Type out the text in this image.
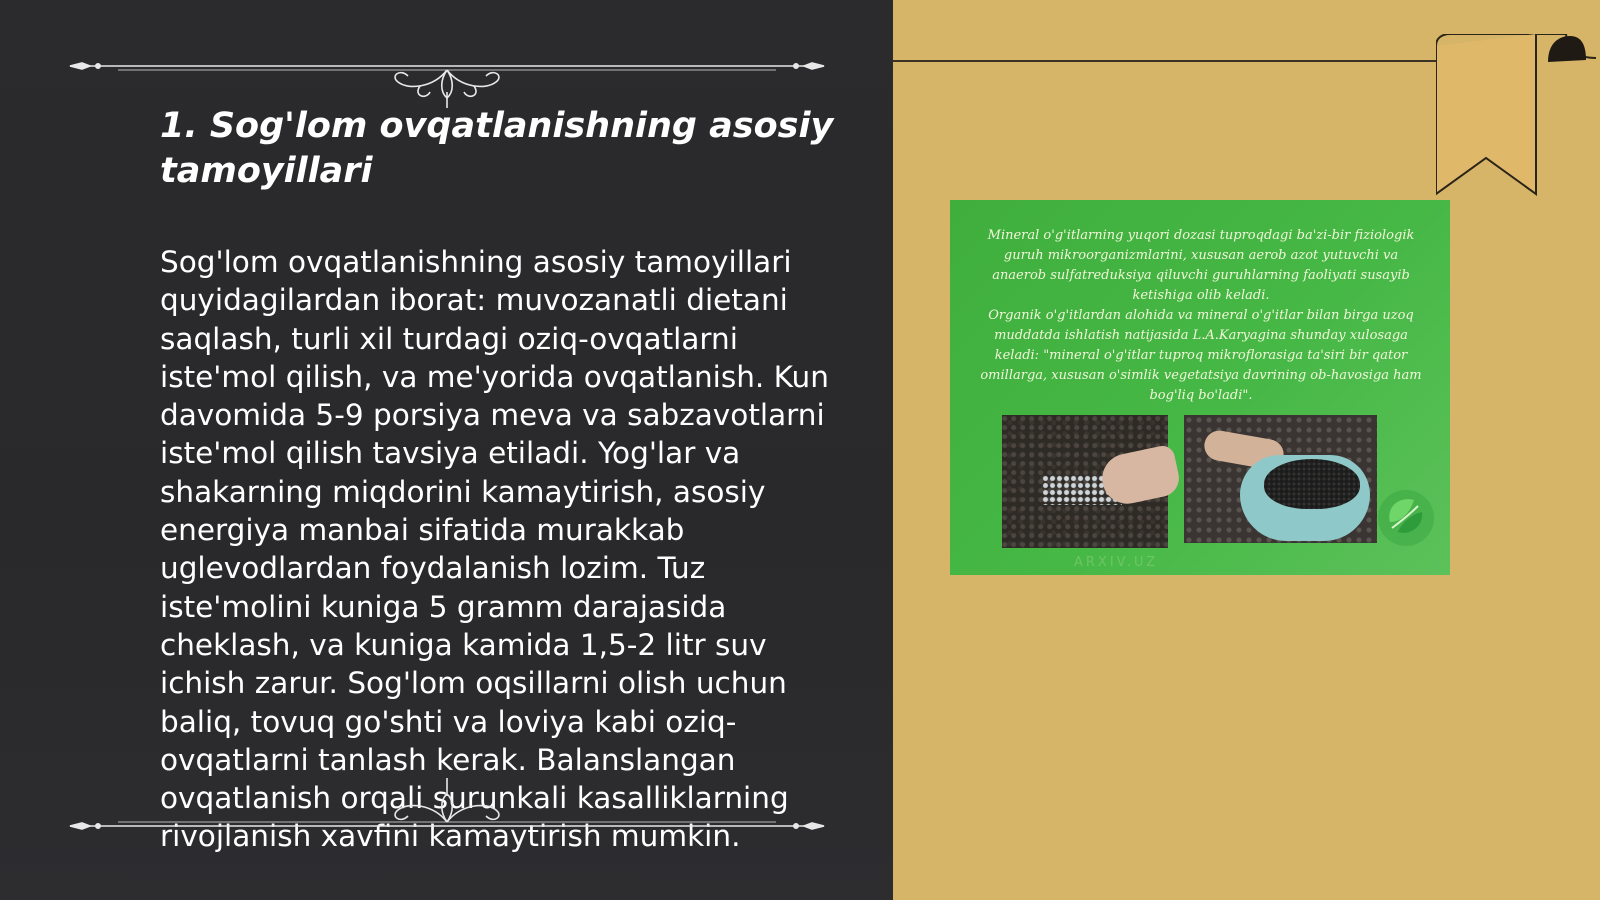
1. Sog'lom ovqatlanishning asosiy tamoyillari

Sog'lom ovqatlanishning asosiy tamoyillari quyidagilardan iborat: muvozanatli dietani saqlash, turli xil turdagi oziq-ovqatlarni iste'mol qilish, va me'yorida ovqatlanish. Kun davomida 5-9 porsiya meva va sabzavotlarni iste'mol qilish tavsiya etiladi. Yog'lar va shakarning miqdorini kamaytirish, asosiy energiya manbai sifatida murakkab uglevodlardan foydalanish lozim. Tuz iste'molini kuniga 5 gramm darajasida cheklash, va kuniga kamida 1,5-2 litr suv ichish zarur. Sog'lom oqsillarni olish uchun baliq, tovuq go'shti va loviya kabi oziq-ovqatlarni tanlash kerak. Balanslangan ovqatlanish orqali surunkali kasalliklarning rivojlanish xavfini kamaytirish mumkin.

Mineral o'g'itlarning yuqori dozasi tuproqdagi ba'zi-bir fiziologik guruh mikroorganizmlarini, xususan aerob azot yutuvchi va anaerob sulfatreduksiya qiluvchi guruhlarning faoliyati susayib ketishiga olib keladi.
Organik o'g'itlardan alohida va mineral o'g'itlar bilan birga uzoq muddatda ishlatish natijasida L.A.Karyagina shunday xulosaga keladi: "mineral o'g'itlar tuproq mikroflorasiga ta'siri bir qator omillarga, xususan o'simlik vegetatsiya davrining ob-havosiga ham bog'liq bo'ladi".

ARXIV.UZ
